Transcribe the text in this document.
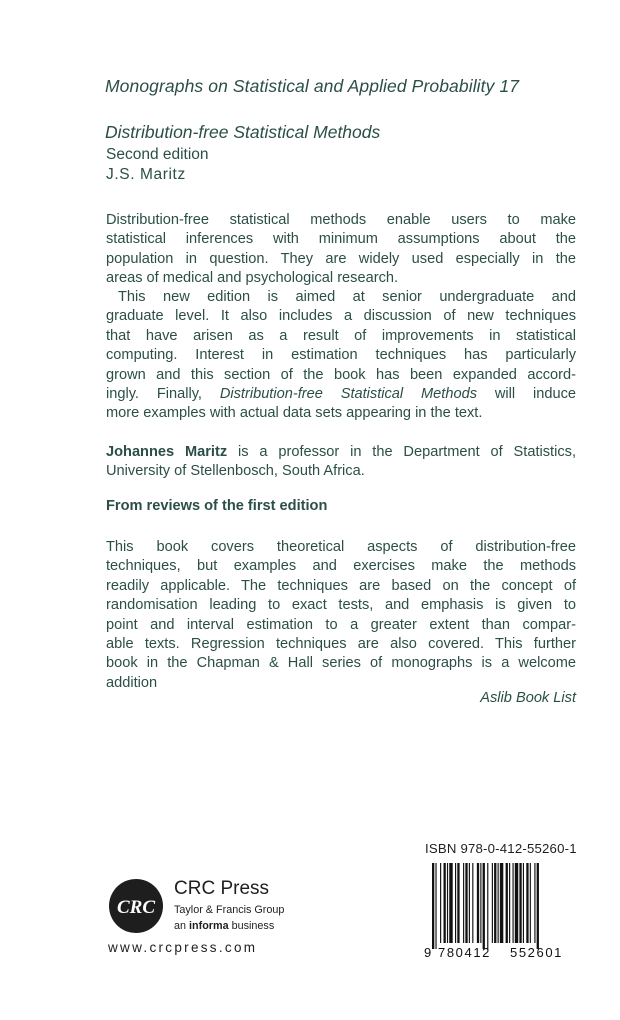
Monographs on Statistical and Applied Probability 17
Distribution-free Statistical Methods
Second edition
J.S. Maritz
Distribution-free statistical methods enable users to make
statistical inferences with minimum assumptions about the
population in question. They are widely used especially in the
areas of medical and psychological research.
This new edition is aimed at senior undergraduate and
graduate level. It also includes a discussion of new techniques
that have arisen as a result of improvements in statistical
computing. Interest in estimation techniques has particularly
grown and this section of the book has been expanded accord-
ingly. Finally, Distribution-free Statistical Methods will induce
more examples with actual data sets appearing in the text.
Johannes Maritz is a professor in the Department of Statistics,
University of Stellenbosch, South Africa.
From reviews of the first edition
This book covers theoretical aspects of distribution-free
techniques, but examples and exercises make the methods
readily applicable. The techniques are based on the concept of
randomisation leading to exact tests, and emphasis is given to
point and interval estimation to a greater extent than compar-
able texts. Regression techniques are also covered. This further
book in the Chapman & Hall series of monographs is a welcome
addition
Aslib Book List
ISBN 978-0-412-55260-1
9 780412 552601
CRC
CRC Press
Taylor & Francis Group
an informa business
www.crcpress.com
